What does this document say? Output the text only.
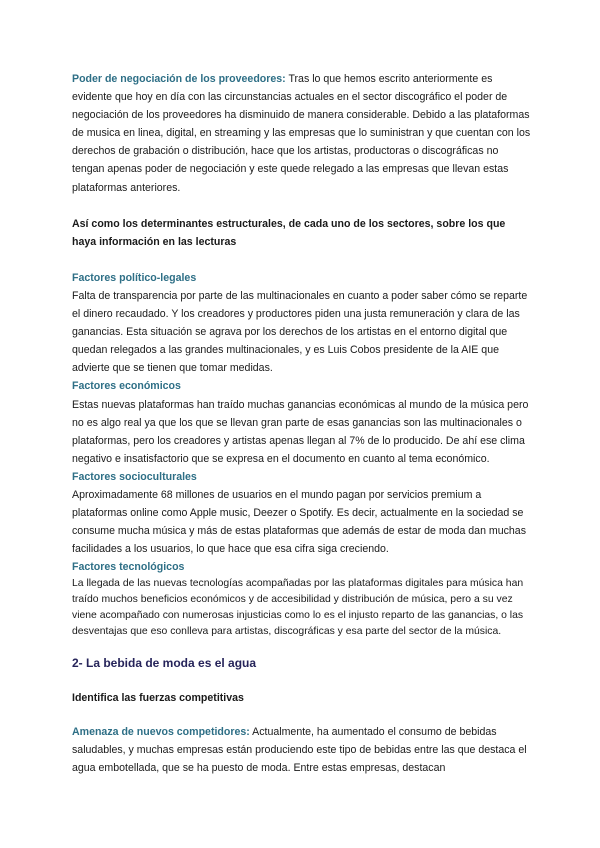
Poder de negociación de los proveedores: Tras lo que hemos escrito anteriormente es evidente que hoy en día con las circunstancias actuales en el sector discográfico el poder de negociación de los proveedores ha disminuido de manera considerable. Debido a las plataformas de musica en linea, digital, en streaming y las empresas que lo suministran y que cuentan con los derechos de grabación o distribución, hace que los artistas, productoras o discográficas no tengan apenas poder de negociación y este quede relegado a las empresas que llevan estas plataformas anteriores.

Así como los determinantes estructurales, de cada uno de los sectores, sobre los que haya información en las lecturas

Factores político-legales

Falta de transparencia por parte de las multinacionales en cuanto a poder saber cómo se reparte el dinero recaudado. Y los creadores y productores piden una justa remuneración y clara de las ganancias. Esta situación se agrava por los derechos de los artistas en el entorno digital que quedan relegados a las grandes multinacionales, y es Luis Cobos presidente de la AIE que advierte que se tienen que tomar medidas.

Factores económicos

Estas nuevas plataformas han traído muchas ganancias económicas al mundo de la música pero no es algo real ya que los que se llevan gran parte de esas ganancias son las multinacionales o plataformas, pero los creadores y artistas apenas llegan al 7% de lo producido. De ahí ese clima negativo e insatisfactorio que se expresa en el documento en cuanto al tema económico.

Factores socioculturales

Aproximadamente 68 millones de usuarios en el mundo pagan por servicios premium a plataformas online como Apple music, Deezer o Spotify. Es decir, actualmente en la sociedad se consume mucha música y más de estas plataformas que además de estar de moda dan muchas facilidades a los usuarios, lo que hace que esa cifra siga creciendo.

Factores tecnológicos

La llegada de las nuevas tecnologías acompañadas por las plataformas digitales para música han traído muchos beneficios económicos y de accesibilidad y distribución de música, pero a su vez viene acompañado con numerosas injusticias como lo es el injusto reparto de las ganancias, o las desventajas que eso conlleva para artistas, discográficas y esa parte del sector de la música.

2- La bebida de moda es el agua

Identifica las fuerzas competitivas

Amenaza de nuevos competidores: Actualmente, ha aumentado el consumo de bebidas saludables, y muchas empresas están produciendo este tipo de bebidas entre las que destaca el agua embotellada, que se ha puesto de moda. Entre estas empresas, destacan
